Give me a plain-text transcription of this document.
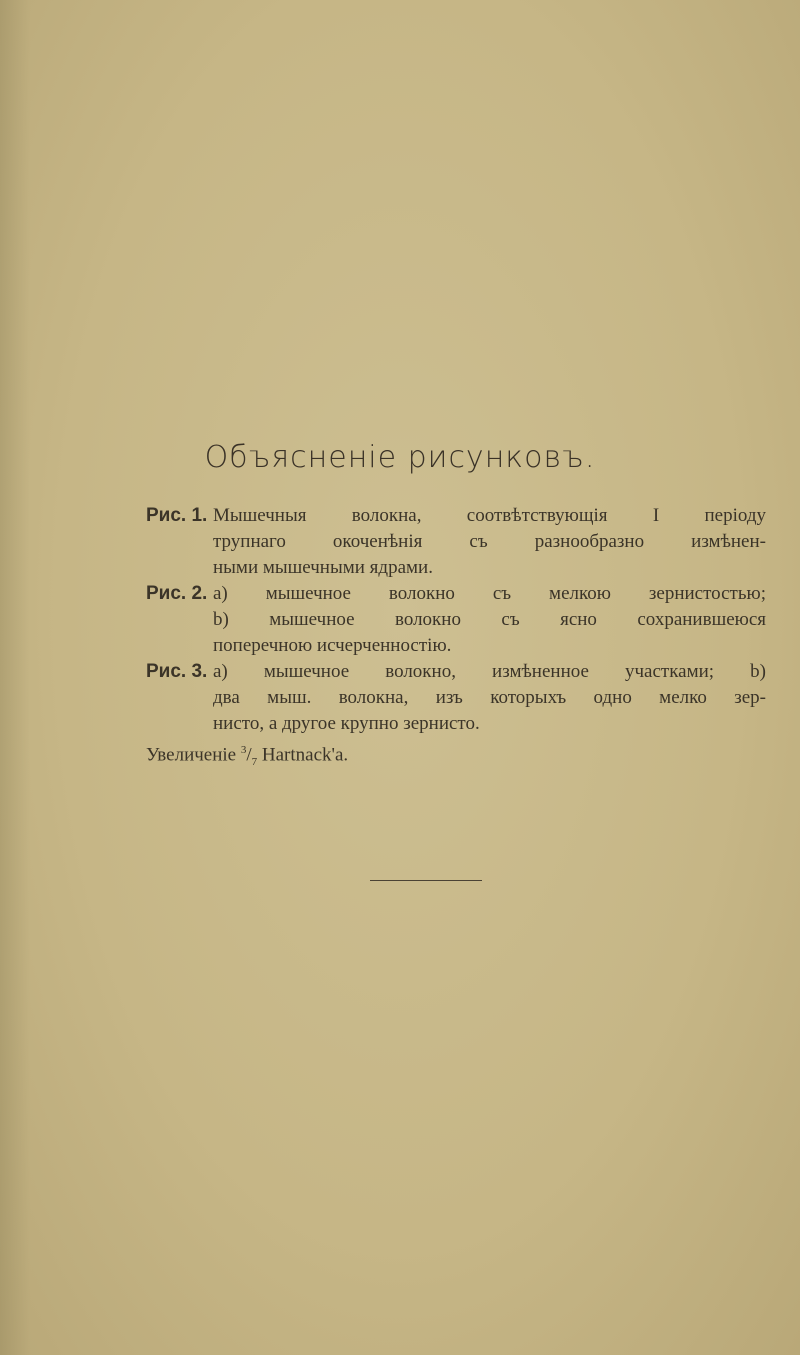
Объясненіе рисунковъ.
Рис. 1. Мышечныя волокна, соотвѣтствующія I періоду
трупнаго окоченѣнія съ разнообразно измѣнен-
ными мышечными ядрами.
Рис. 2. a) мышечное волокно съ мелкою зернистостью;
b) мышечное волокно съ ясно сохранившеюся
поперечною исчерченностію.
Рис. 3. a) мышечное волокно, измѣненное участками; b)
два мыш. волокна, изъ которыхъ одно мелко зер-
нисто, a другое крупно зернисто.
Увеличеніе $^3/_7$ Hartnack'a.
